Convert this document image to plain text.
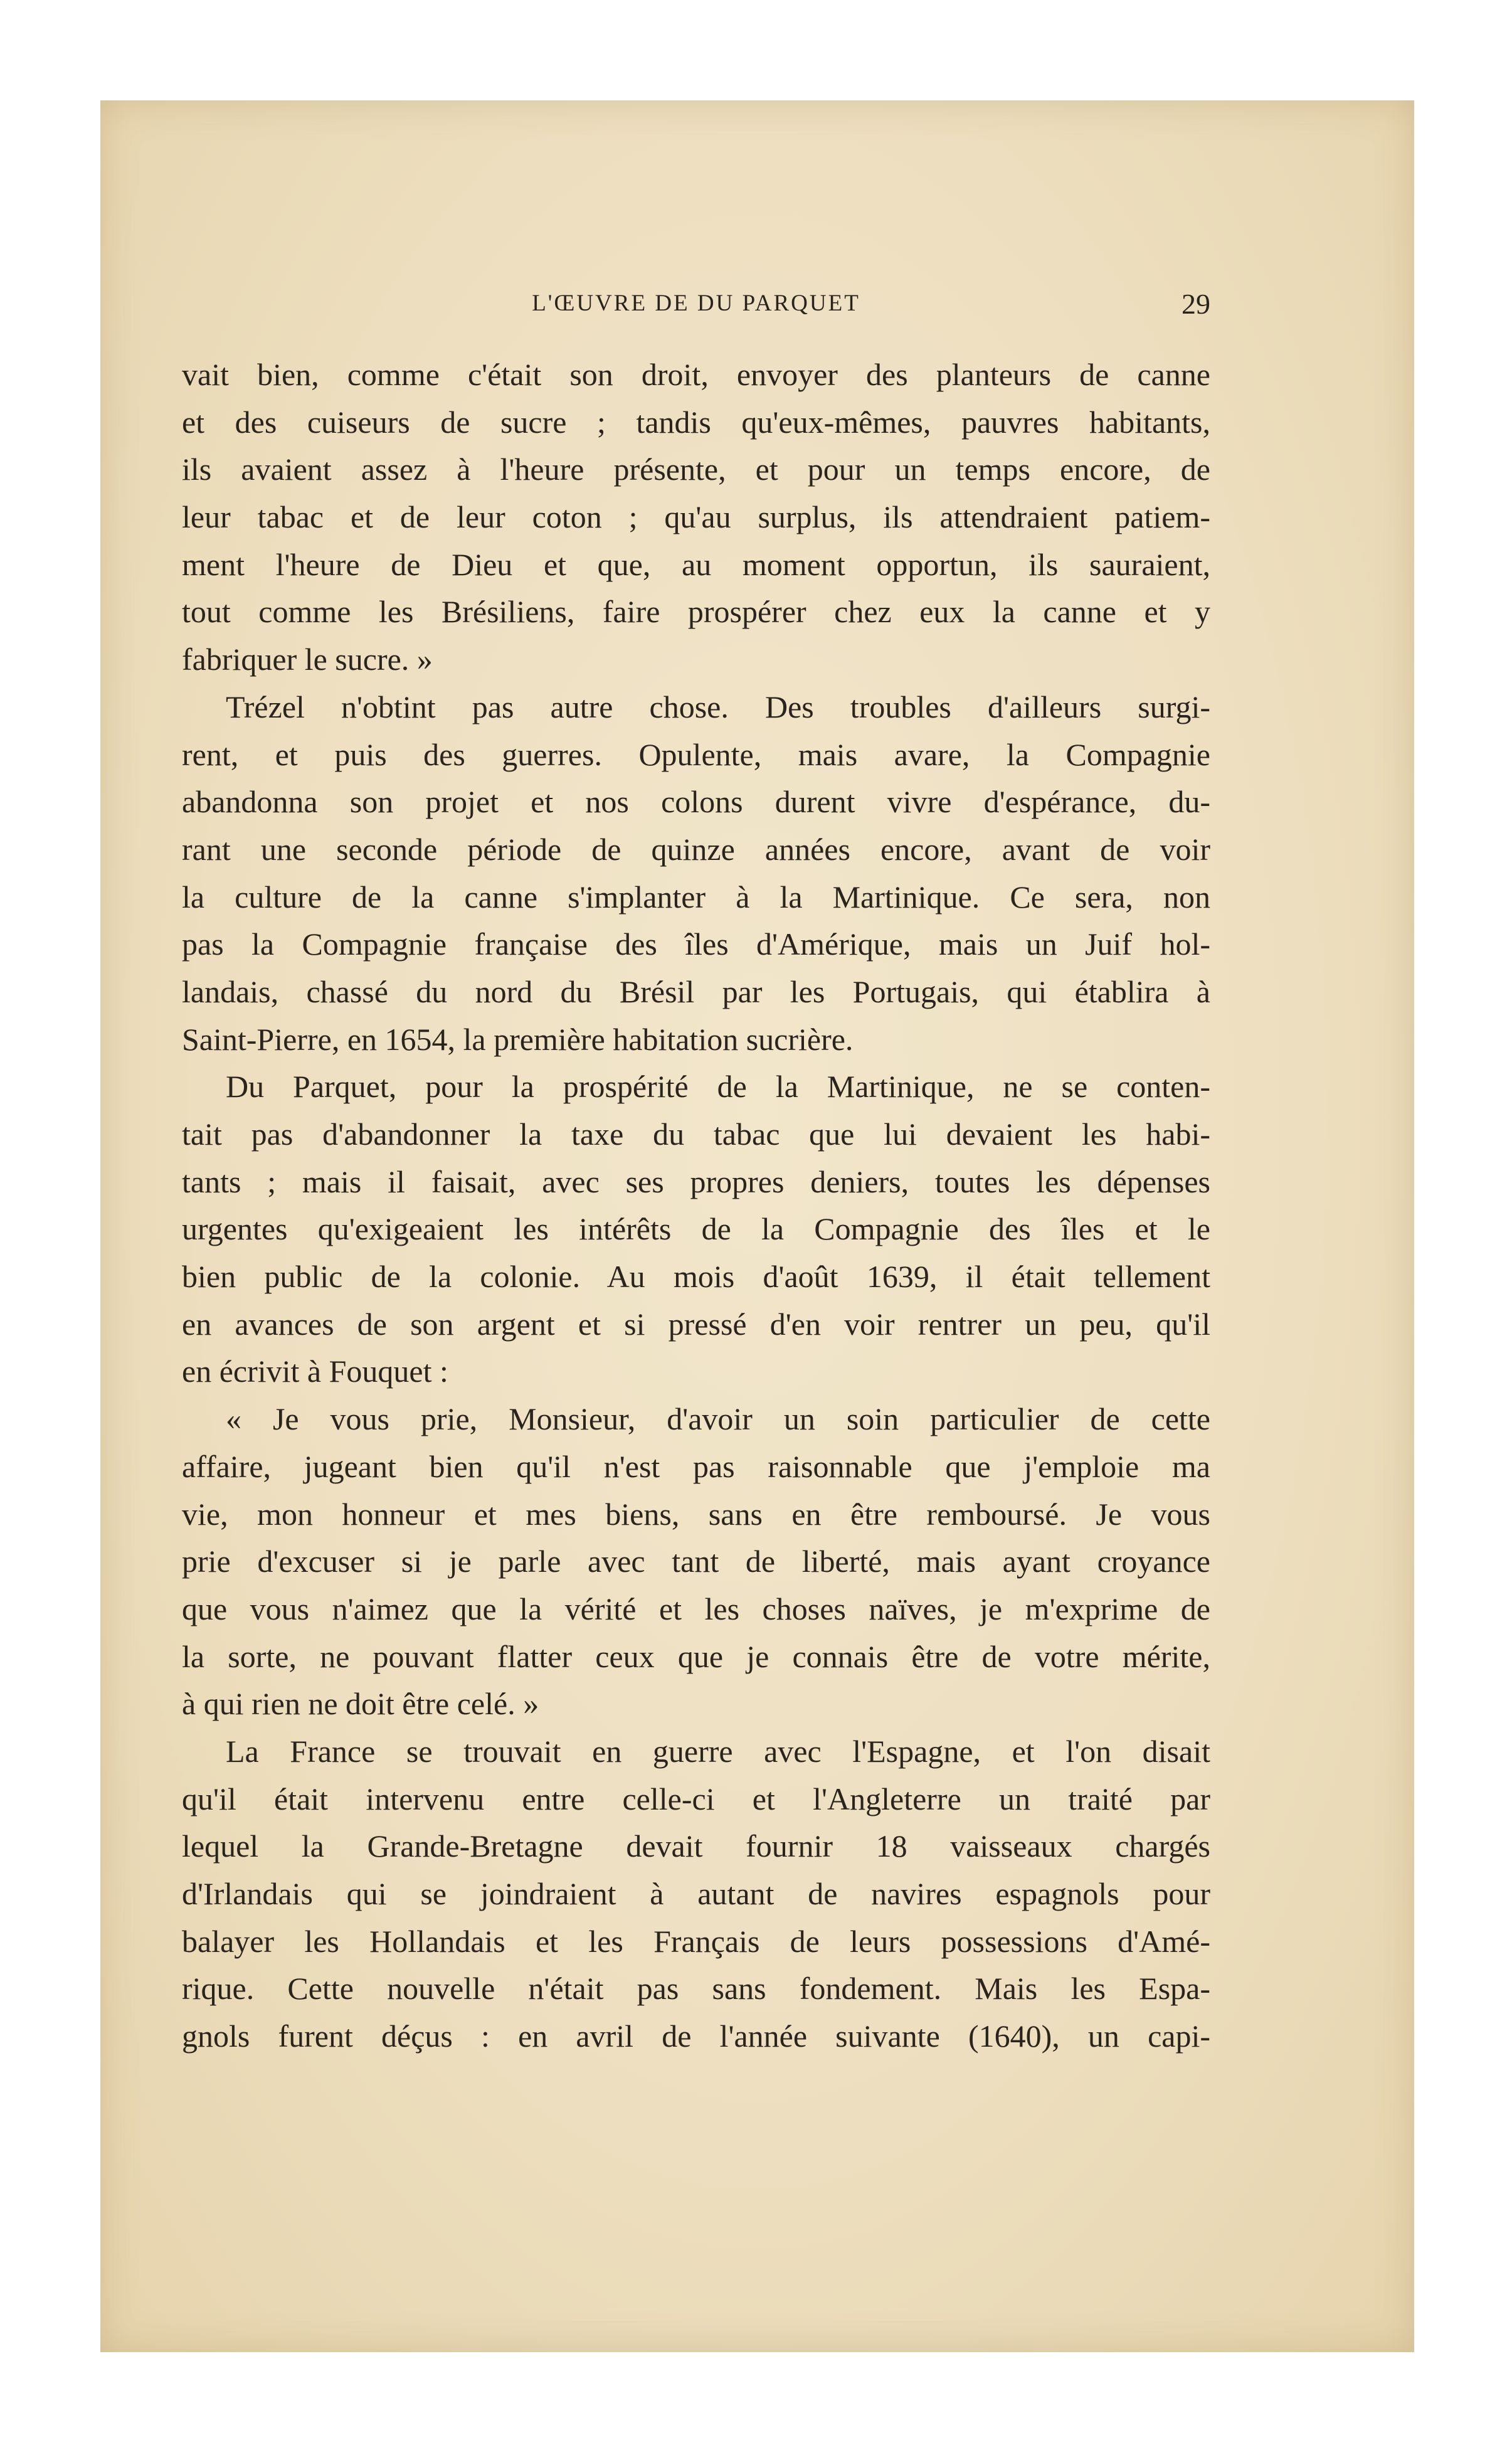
L'ŒUVRE DE DU PARQUET	29
vait bien, comme c'était son droit, envoyer des planteurs de canne
et des cuiseurs de sucre ; tandis qu'eux-mêmes, pauvres habitants,
ils avaient assez à l'heure présente, et pour un temps encore, de
leur tabac et de leur coton ; qu'au surplus, ils attendraient patiem-
ment l'heure de Dieu et que, au moment opportun, ils sauraient,
tout comme les Brésiliens, faire prospérer chez eux la canne et y
fabriquer le sucre. »
Trézel n'obtint pas autre chose. Des troubles d'ailleurs surgi-
rent, et puis des guerres. Opulente, mais avare, la Compagnie
abandonna son projet et nos colons durent vivre d'espérance, du-
rant une seconde période de quinze années encore, avant de voir
la culture de la canne s'implanter à la Martinique. Ce sera, non
pas la Compagnie française des îles d'Amérique, mais un Juif hol-
landais, chassé du nord du Brésil par les Portugais, qui établira à
Saint-Pierre, en 1654, la première habitation sucrière.
Du Parquet, pour la prospérité de la Martinique, ne se conten-
tait pas d'abandonner la taxe du tabac que lui devaient les habi-
tants ; mais il faisait, avec ses propres deniers, toutes les dépenses
urgentes qu'exigeaient les intérêts de la Compagnie des îles et le
bien public de la colonie. Au mois d'août 1639, il était tellement
en avances de son argent et si pressé d'en voir rentrer un peu, qu'il
en écrivit à Fouquet :
« Je vous prie, Monsieur, d'avoir un soin particulier de cette
affaire, jugeant bien qu'il n'est pas raisonnable que j'emploie ma
vie, mon honneur et mes biens, sans en être remboursé. Je vous
prie d'excuser si je parle avec tant de liberté, mais ayant croyance
que vous n'aimez que la vérité et les choses naïves, je m'exprime de
la sorte, ne pouvant flatter ceux que je connais être de votre mérite,
à qui rien ne doit être celé. »
La France se trouvait en guerre avec l'Espagne, et l'on disait
qu'il était intervenu entre celle-ci et l'Angleterre un traité par
lequel la Grande-Bretagne devait fournir 18 vaisseaux chargés
d'Irlandais qui se joindraient à autant de navires espagnols pour
balayer les Hollandais et les Français de leurs possessions d'Amé-
rique. Cette nouvelle n'était pas sans fondement. Mais les Espa-
gnols furent déçus : en avril de l'année suivante (1640), un capi-
